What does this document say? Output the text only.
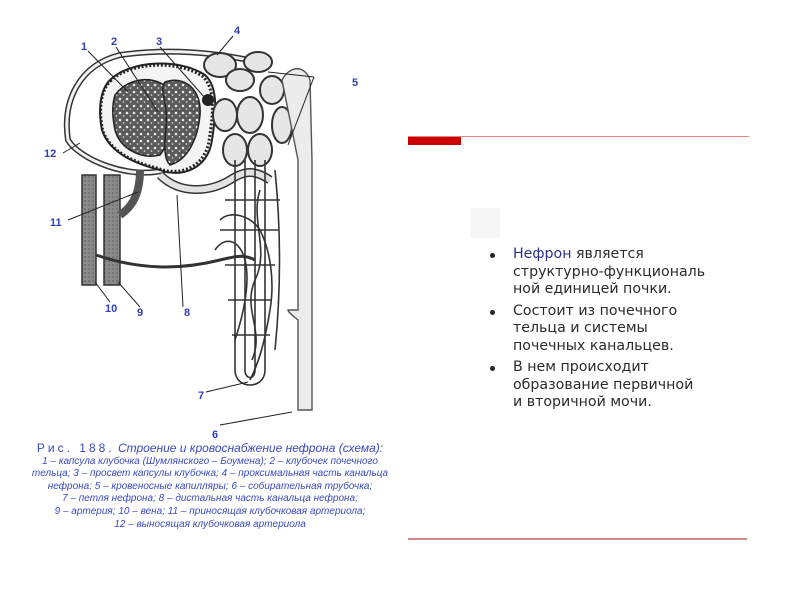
1 2	3
4
5
6
7
8
9
10
11
12
Рис. 188. Строение и кровоснабжение нефрона (схема):
1 – капсула клубочка (Шумлянского – Боумена); 2 – клубочек почечного
тельца; 3 – просвет капсулы клубочка; 4 – проксимальная часть канальца
нефрона; 5 – кровеносные капилляры; 6 – собирательная трубочка;
7 – петля нефрона; 8 – дистальная часть канальца нефрона;
9 – артерия; 10 – вена; 11 – приносящая клубочковая артериола;
12 – выносящая клубочковая артериола
Нефрон является
структурно-функциональ
ной единицей почки.
Состоит из почечного
тельца и системы
почечных канальцев.
В нем происходит
образование первичной
и вторичной мочи.
